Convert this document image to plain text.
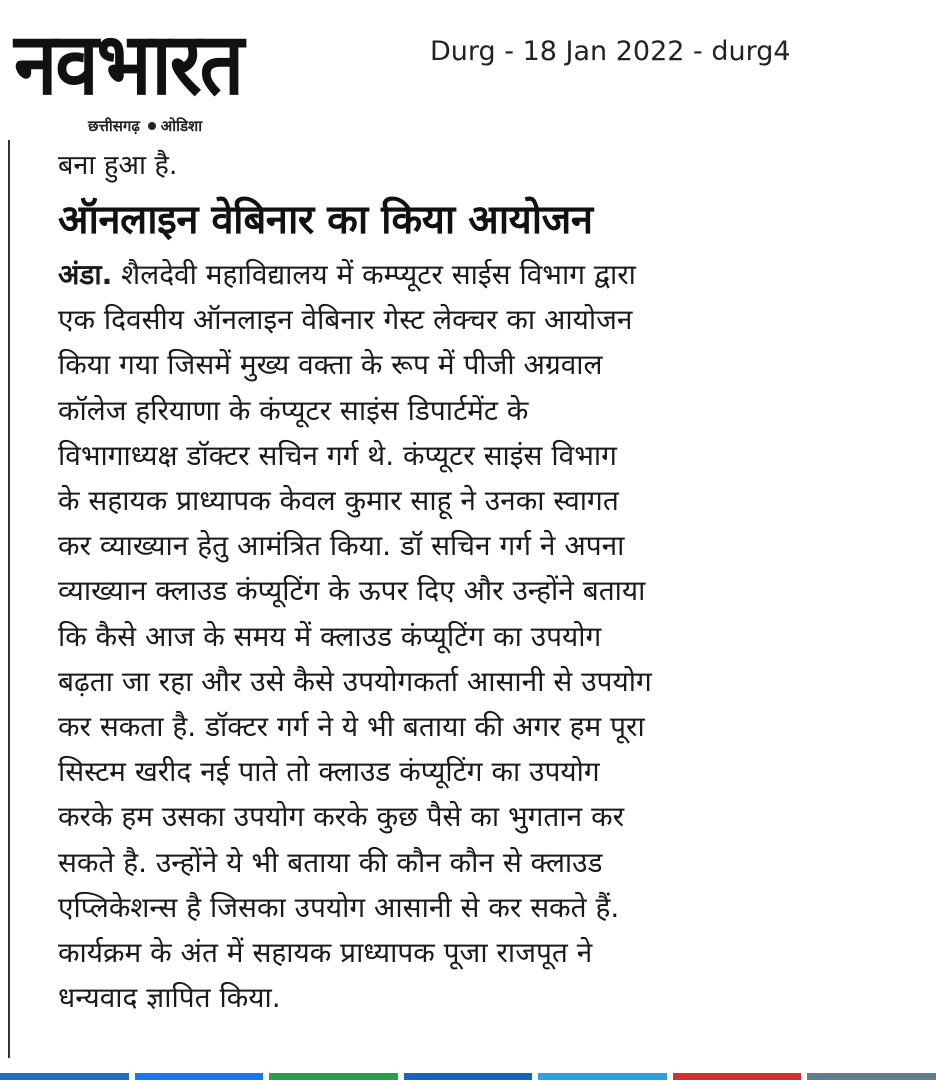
नवभारत
छत्तीसगढ़ ओडिशा
Durg - 18 Jan 2022 - durg4
बना हुआ है.
ऑनलाइन वेबिनार का किया आयोजन
अंडा. शैलदेवी महाविद्यालय में कम्प्यूटर साईस विभाग द्वारा
एक दिवसीय ऑनलाइन वेबिनार गेस्ट लेक्चर का आयोजन
किया गया जिसमें मुख्य वक्ता के रूप में पीजी अग्रवाल
कॉलेज हरियाणा के कंप्यूटर साइंस डिपार्टमेंट के
विभागाध्यक्ष डॉक्टर सचिन गर्ग थे. कंप्यूटर साइंस विभाग
के सहायक प्राध्यापक केवल कुमार साहू ने उनका स्वागत
कर व्याख्यान हेतु आमंत्रित किया. डॉ सचिन गर्ग ने अपना
व्याख्यान क्लाउड कंप्यूटिंग के ऊपर दिए और उन्होंने बताया
कि कैसे आज के समय में क्लाउड कंप्यूटिंग का उपयोग
बढ़ता जा रहा और उसे कैसे उपयोगकर्ता आसानी से उपयोग
कर सकता है. डॉक्टर गर्ग ने ये भी बताया की अगर हम पूरा
सिस्टम खरीद नई पाते तो क्लाउड कंप्यूटिंग का उपयोग
करके हम उसका उपयोग करके कुछ पैसे का भुगतान कर
सकते है. उन्होंने ये भी बताया की कौन कौन से क्लाउड
एप्लिकेशन्स है जिसका उपयोग आसानी से कर सकते हैं.
कार्यक्रम के अंत में सहायक प्राध्यापक पूजा राजपूत ने
धन्यवाद ज्ञापित किया.
